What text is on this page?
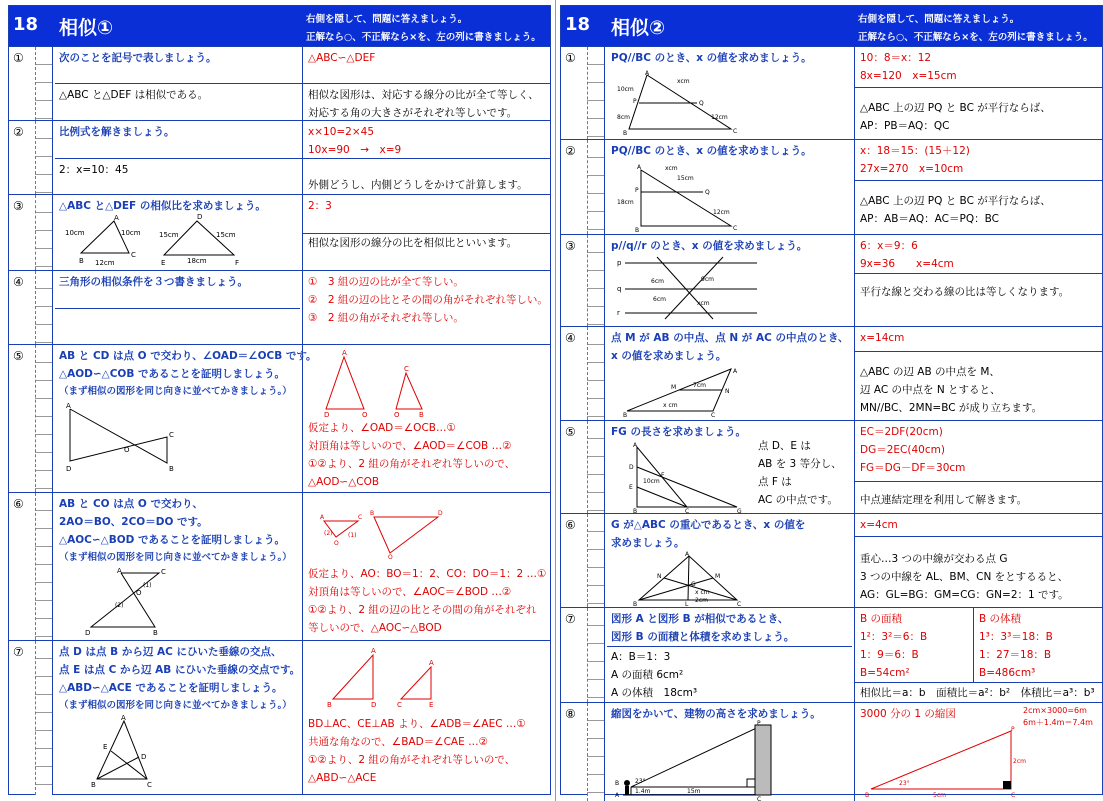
18 相似①	右側を隠して、問題に答えましょう。
正解なら○、不正解なら×を、左の列に書きましょう。
①	次のことを記号で表しましょう。
△ABC と△DEF は相似である。
△ABC∽△DEF
相似な図形は、対応する線分の比が全て等しく、
対応する角の大きさがそれぞれ等しいです。
②	比例式を解きましょう。
2：x=10：45
x×10=2×45
10x=90　→　x=9
外側どうし、内側どうしをかけて計算します。
③	△ABC と△DEF の相似比を求めましょう。
B
C
A
10cm	10cm
12cm	E	F
D
15cm	15cm
18cm
2：3
相似な図形の線分の比を相似比といいます。
④	三角形の相似条件を３つ書きましょう。	①　3 組の辺の比が全て等しい。
②　2 組の辺の比とその間の角がそれぞれ等しい。
③　2 組の角がそれぞれ等しい。
⑤	AB と CD は点 O で交わり、∠OAD＝∠OCB です。
△AOD∽△COB であることを証明しましょう。
（まず相似の図形を同じ向きに並べてかきましょう。）
A
D
C
B
O
D	O
A
O	B
C
仮定より、∠OAD＝∠OCB…①
対頂角は等しいので、∠AOD＝∠COB …②
①②より、2 組の角がそれぞれ等しいので、
△AOD∽△COB
⑥	AB と CO は点 O で交わり、
2AO＝BO、2CO＝DO です。
△AOC∽△BOD であることを証明しましょう。
（まず相似の図形を同じ向きに並べてかきましょう。）
A	C
D	B
O
(1)
(2)
A	C
O
B	D
O
(2)	(1)
仮定より、AO：BO＝1：2、CO：DO＝1：2 …①
対頂角は等しいので、∠AOC＝∠BOD …②
①②より、2 組の辺の比とその間の角がそれぞれ
等しいので、△AOC∽△BOD
⑦	点 D は点 B から辺 AC にひいた垂線の交点、
点 E は点 C から辺 AB にひいた垂線の交点です。
△ABD∽△ACE であることを証明しましょう。
（まず相似の図形を同じ向きに並べてかきましょう。）
A
B	C
D
E
A
B	D
A
C	E
BD⊥AC、CE⊥AB より、∠ADB＝∠AEC …①
共通な角なので、∠BAD＝∠CAE …②
①②より、2 組の角がそれぞれ等しいので、
△ABD∽△ACE
18 相似②	右側を隠して、問題に答えましょう。
正解なら○、不正解なら×を、左の列に書きましょう。
①	PQ//BC のとき、x の値を求めましょう。
A
B	C
P	Q
10cm
8cm	12cm
xcm
10：8＝x：12
8x=120　x=15cm
△ABC 上の辺 PQ と BC が平行ならば、
AP：PB＝AQ：QC
②	PQ//BC のとき、x の値を求めましょう。
A
B	C
P	Q
18cm
15cm
12cm
xcm
x：18＝15：(15＋12)
27x=270　x=10cm
△ABC 上の辺 PQ と BC が平行ならば、
AP：AB＝AQ：AC＝PQ：BC
③	p//q//r のとき、x の値を求めましょう。
p
q
r
9cm
6cm
6cm
xcm
6：x＝9：6
9x=36　　x=4cm
平行な線と交わる線の比は等しくなります。
④	点 M が AB の中点、点 N が AC の中点のとき、
x の値を求めましょう。
A
B	C
M
N
7cm
x cm
x=14cm
△ABC の辺 AB の中点を M、
辺 AC の中点を N とすると、
MN//BC、2MN=BC が成り立ちます。
⑤	FG の長さを求めましょう。
点 D、E は
AB を 3 等分し、
点 F は
AC の中点です。
A
B	C
D
E
F
G
10cm
EC＝2DF(20cm)
DG＝2EC(40cm)
FG＝DG－DF＝30cm
中点連結定理を利用して解きます。
⑥	G が△ABC の重心であるとき、x の値を
求めましょう。
A
B	C
G
L
M
N
x cm
2cm
x=4cm
重心…3 つの中線が交わる点 G
3 つの中線を AL、BM、CN をとするると、
AG：GL=BG：GM=CG：GN=2：1 です。
⑦	図形 A と図形 B が相似であるとき、
図形 B の面積と体積を求めましょう。
A：B＝1：3
A の面積 6cm²
A の体積　18cm³
B の面積
1²：3²＝6：B
1：9＝6：B
B=54cm²
B の体積
1³：3³＝18：B
1：27＝18：B
B=486cm³
相似比＝a：b　面積比＝a²：b²　体積比＝a³：b³
⑧	縮図をかいて、建物の高さを求めましょう。
B
A
P
C
23°
1.4m	15m
3000 分の 1 の縮図	2cm×3000=6m
6m＋1.4m＝7.4m
B	C
P
23°
5cm
2cm
